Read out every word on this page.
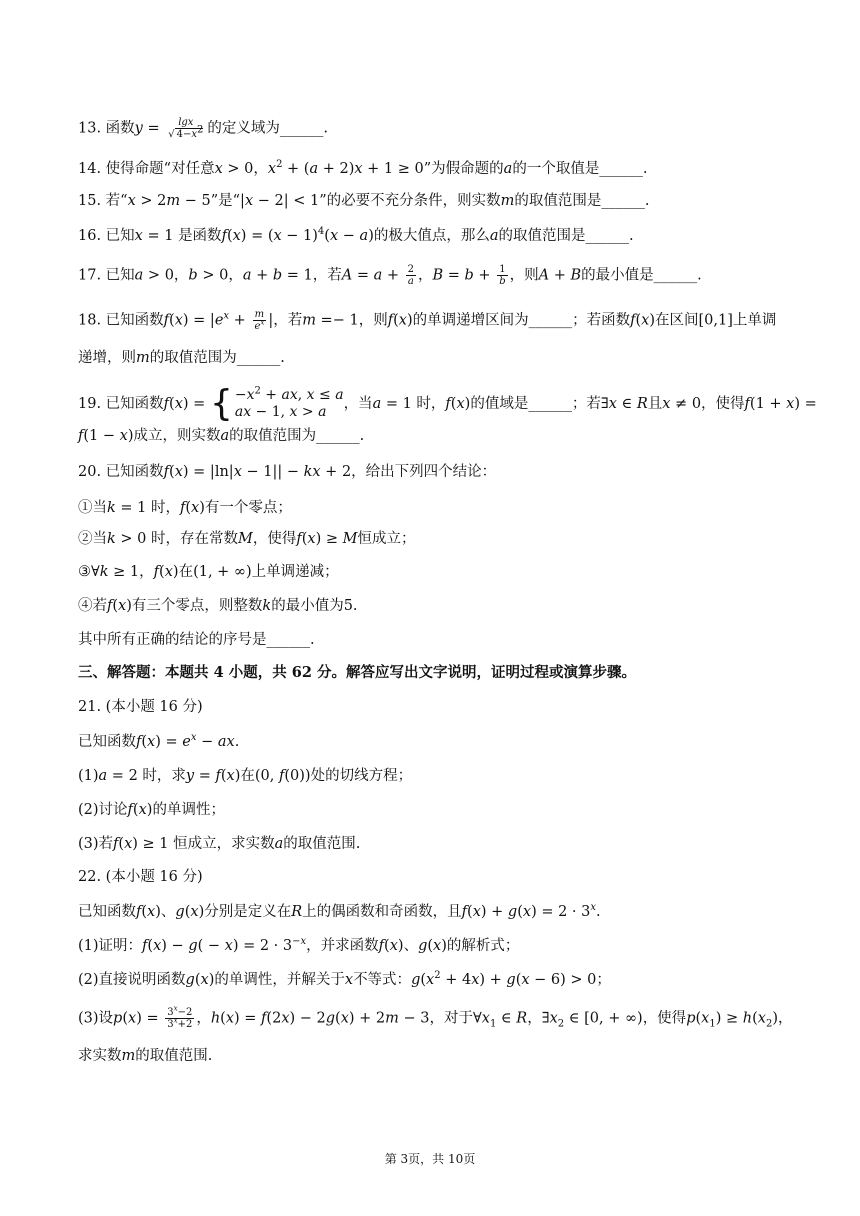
13. 函数$y = \frac{\lg x}{√ 4-x^2}$ 的定义域为______.
14. 使得命题“对任意x > 0，$x^2 + (a + 2)x + 1 \ge 0$”为假命题的a的一个取值是______.
15. 若“x > 2m − 5”是“|x − 2| < 1”的必要不充分条件，则实数m的取值范围是______.
16. 已知x = 1 是函数$f(x) = (x - 1)^4(x - a)$的极大值点，那么a的取值范围是______.
17. 已知a > 0，b > 0，a + b = 1，若$A = a + \frac{2}{a}$ ，$B = b + \frac{1}{b}$ ，则A + B的最小值是______.
18. 已知函数$f(x) = |e^x + \frac{m}{e^x}$ |，若m =− 1，则f(x)的单调递增区间为______；若函数f(x)在区间[0,1]上单调
递增，则m的取值范围为______.
19. 已知函数f(x) = { $-x^2$ + ax, x ≤ a
ax − 1, x > a	，当a = 1 时，f(x)的值域是______；若∃x ∈ R且x ≠ 0，使得f(1 + x) =
f(1 − x)成立，则实数a的取值范围为______.
20. 已知函数f(x) = |ln|x − 1|| − kx + 2，给出下列四个结论：
①当k = 1 时，f(x)有一个零点；
②当k > 0 时，存在常数M，使得f(x) ≥ M恒成立；
③∀k ≥ 1，f(x)在(1, + ∞)上单调递减；
④若f(x)有三个零点，则整数k的最小值为5.
其中所有正确的结论的序号是______.
三、解答题：本题共 4 小题，共 62 分。解答应写出文字说明，证明过程或演算步骤。
21. (本小题 16 分)
已知函数$f(x) = e^x$ − ax.
(1)a = 2 时，求y = f(x)在(0, f(0))处的切线方程；
(2)讨论f(x)的单调性；
(3)若f(x) ≥ 1 恒成立，求实数a的取值范围.
22. (本小题 16 分)
已知函数f(x)、g(x)分别是定义在R上的偶函数和奇函数，且$f(x) + g(x) = 2 \cdot 3^x$.
(1)证明：$f(x) - g( - x) = 2 \cdot 3^{-x}$，并求函数f(x)、g(x)的解析式；
(2)直接说明函数g(x)的单调性，并解关于x不等式：$g(x^2 + 4x) + g(x - 6) > 0$；
(3)设$p(x) = \frac{3^x-2}{3^x+2}$ ，h(x) = f(2x) − 2g(x) + 2m − 3，对于$\forall x_1$ ∈ R，$\exists x_2$ ∈ [0, + ∞)，使得$p(x_1) \ge h(x_2)$，
求实数m的取值范围.
第 3页，共 10页
